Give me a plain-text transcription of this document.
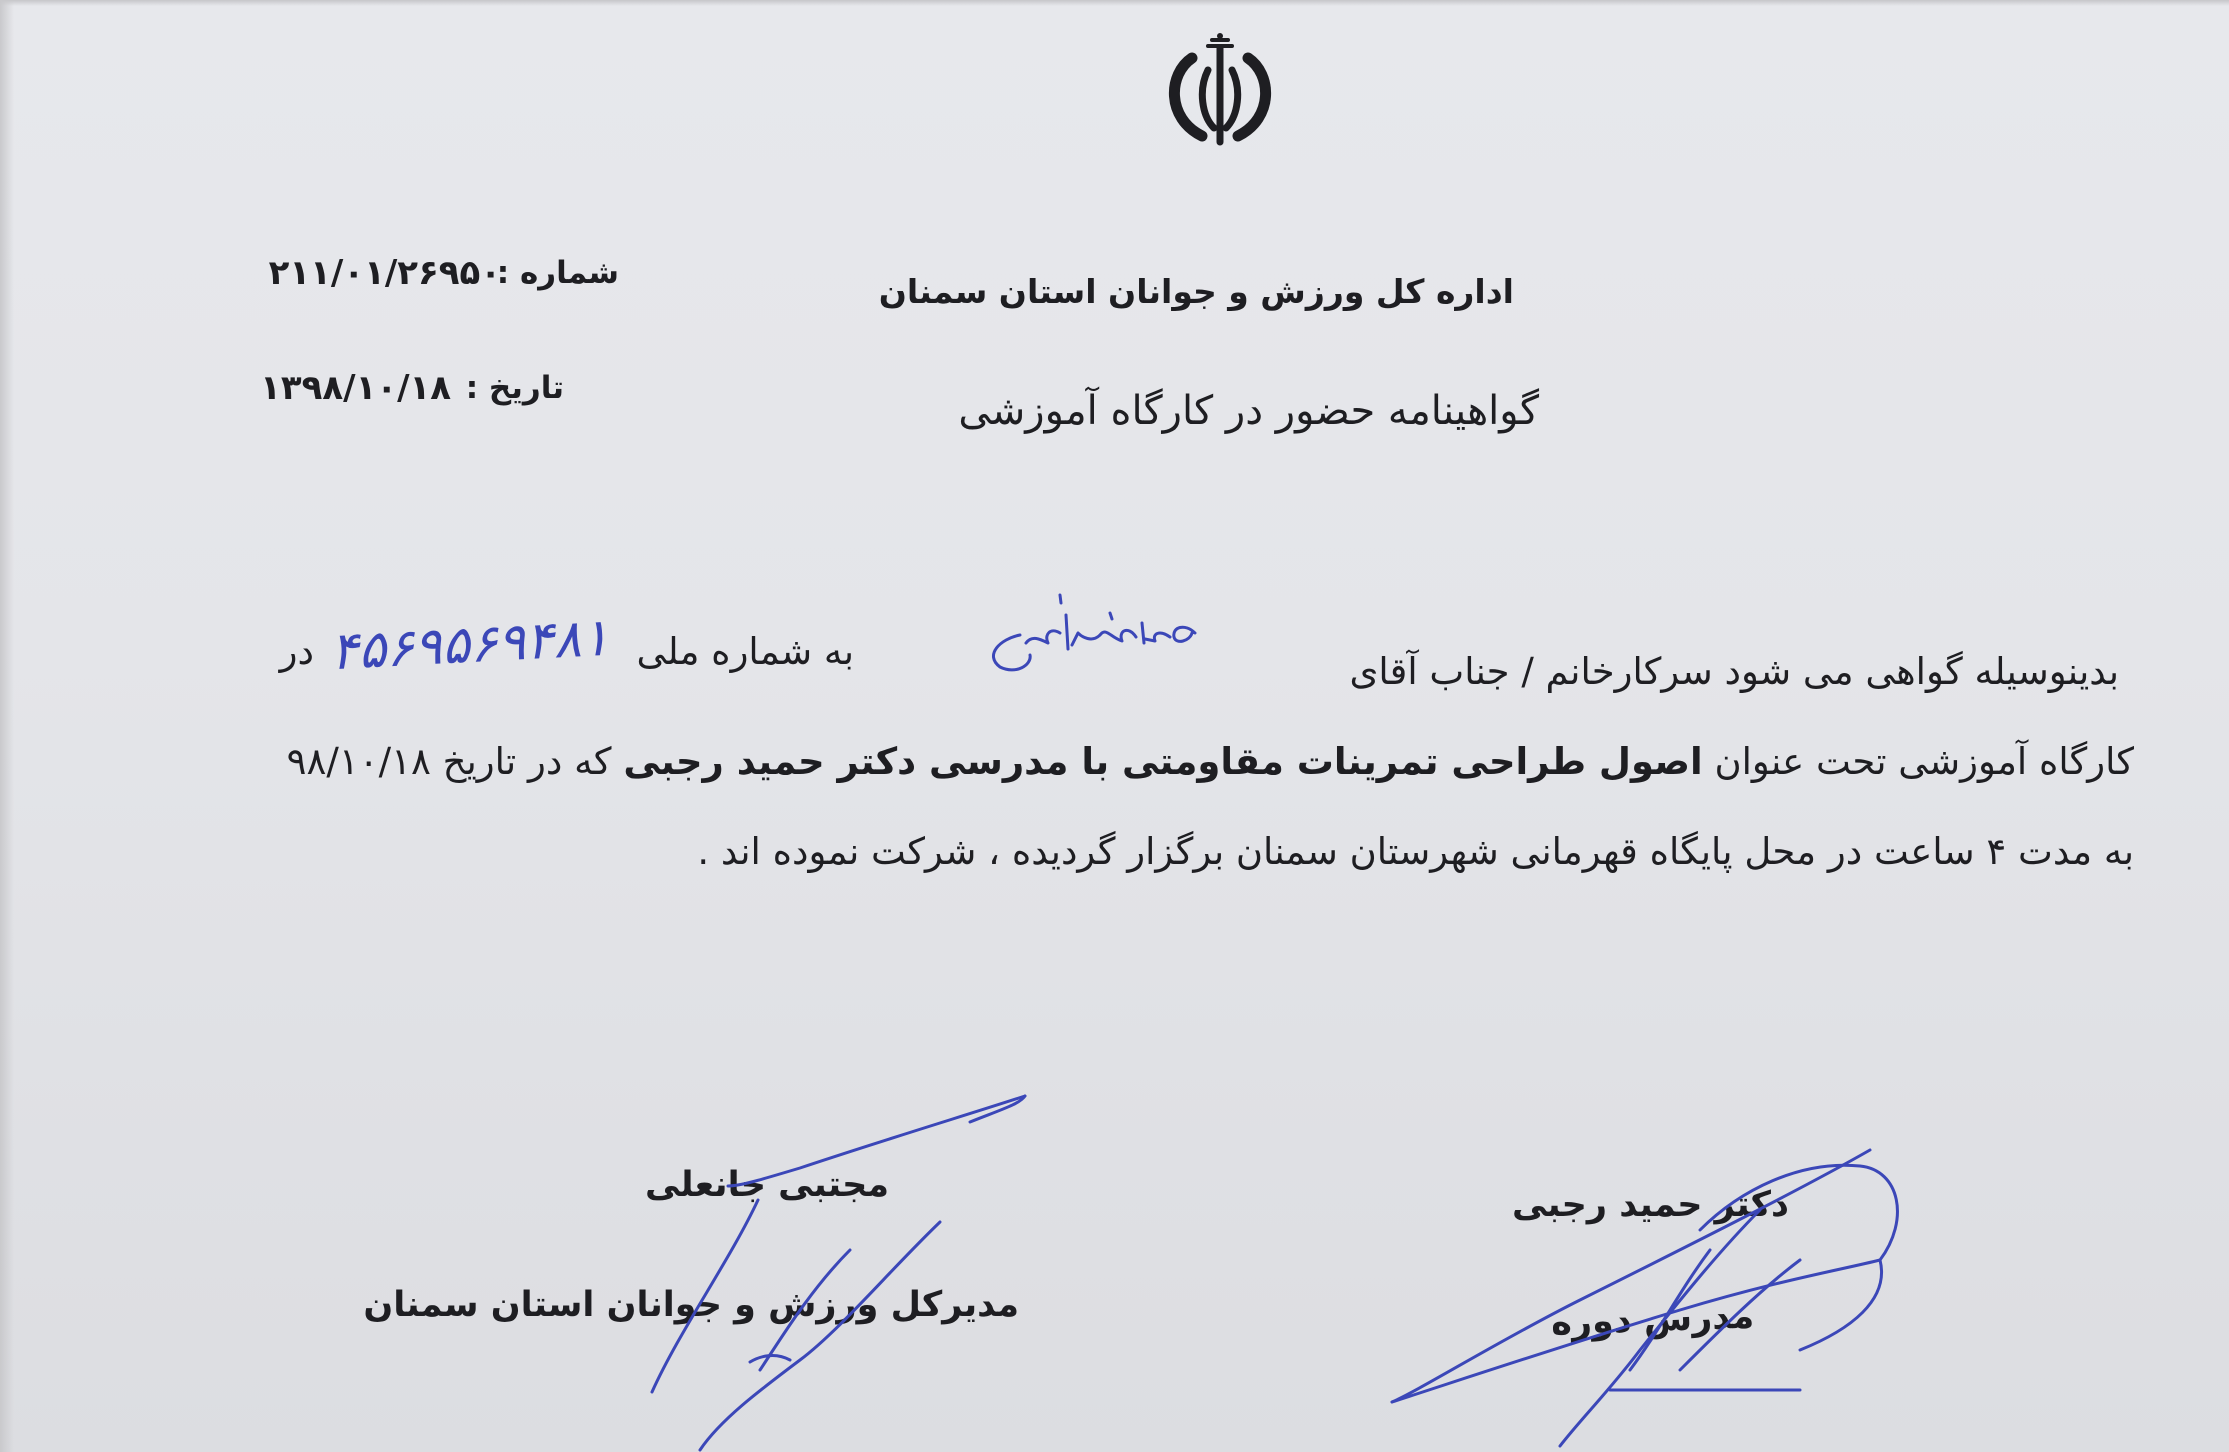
اداره کل ورزش و جوانان استان سمنان
گواهینامه حضور در کارگاه آموزشی
شماره :
۲۱۱/۰۱/۲۶۹۵۰
تاریخ :
۱۳۹۸/۱۰/۱۸
بدینوسیله گواهی می شود سرکارخانم / جناب آقای
به شماره ملی
در ۴۵۶۹۵۶۹۴۸۱
کارگاه آموزشی تحت عنوان اصول طراحی تمرینات مقاومتی با مدرسی دکتر حمید رجبی که در تاریخ ۹۸/۱۰/۱۸
به مدت ۴ ساعت در محل پایگاه قهرمانی شهرستان سمنان برگزار گردیده ، شرکت نموده اند .
مجتبی جانعلی
مدیرکل ورزش و جوانان استان سمنان
دکتر حمید رجبی
مدرس دوره
